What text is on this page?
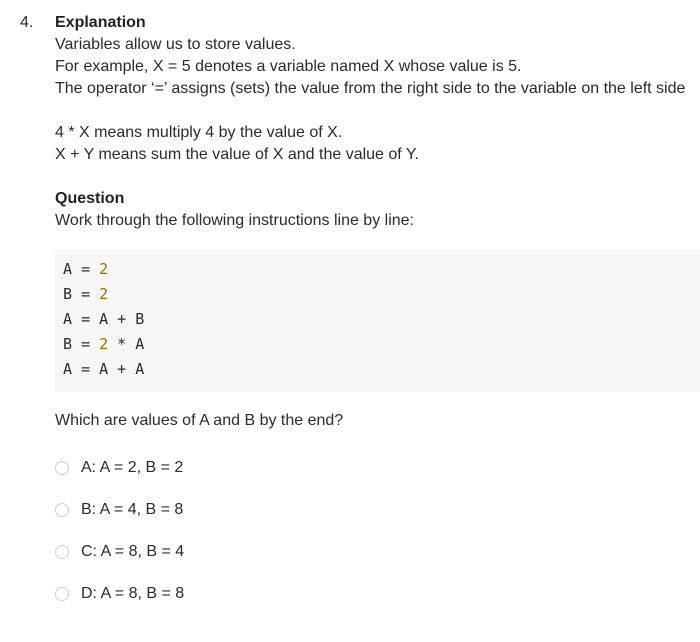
4. Explanation

Variables allow us to store values.

For example, X = 5 denotes a variable named X whose value is 5.

The operator ‘=’ assigns (sets) the value from the right side to the variable on the left side

4 * X means multiply 4 by the value of X.

X + Y means sum the value of X and the value of Y.

Question

Work through the following instructions line by line:

A = 2
B = 2
A = A + B
B = 2 * A
A = A + A

Which are values of A and B by the end?

A: A = 2, B = 2
B: A = 4, B = 8
C: A = 8, B = 4
D: A = 8, B = 8
